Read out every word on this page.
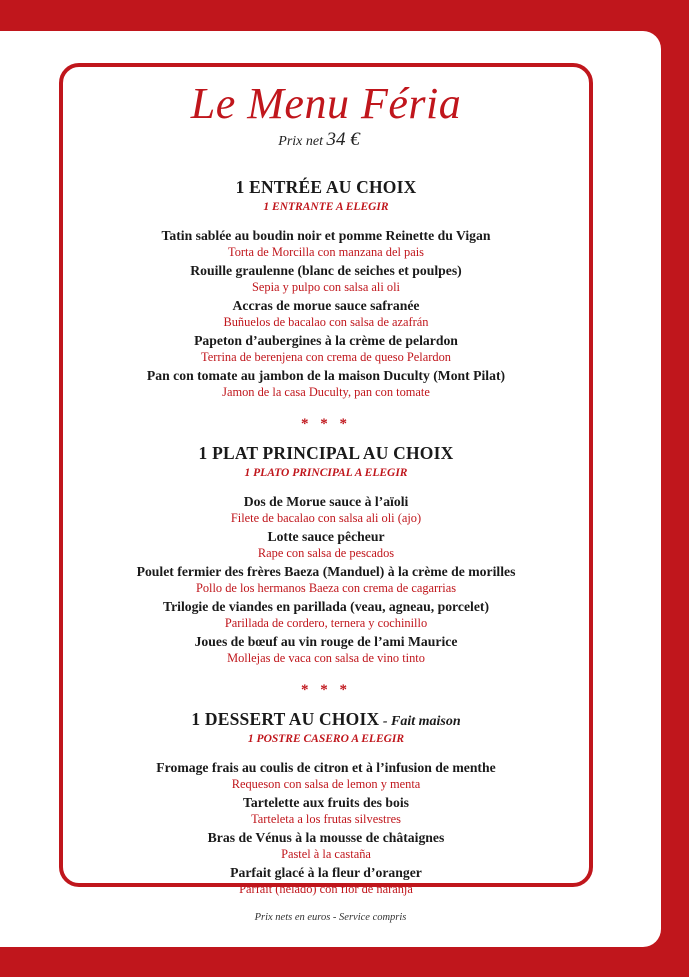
Le Menu Féria
Prix net 34 €
1 ENTRÉE AU CHOIX
1 ENTRANTE A ELEGIR
Tatin sablée au boudin noir et pomme Reinette du Vigan
Torta de Morcilla con manzana del pais
Rouille graulenne (blanc de seiches et poulpes)
Sepia y pulpo con salsa ali oli
Accras de morue sauce safranée
Buñuelos de bacalao con salsa de azafrán
Papeton d’aubergines à la crème de pelardon
Terrina de berenjena con crema de queso Pelardon
Pan con tomate au jambon de la maison Duculty (Mont Pilat)
Jamon de la casa Duculty, pan con tomate
* * *
1 PLAT PRINCIPAL AU CHOIX
1 PLATO PRINCIPAL A ELEGIR
Dos de Morue sauce à l’aïoli
Filete de bacalao con salsa ali oli (ajo)
Lotte sauce pêcheur
Rape con salsa de pescados
Poulet fermier des frères Baeza (Manduel) à la crème de morilles
Pollo de los hermanos Baeza con crema de cagarrias
Trilogie de viandes en parillada (veau, agneau, porcelet)
Parillada de cordero, ternera y cochinillo
Joues de bœuf au vin rouge de l’ami Maurice
Mollejas de vaca con salsa de vino tinto
* * *
1 DESSERT AU CHOIX - Fait maison
1 POSTRE CASERO A ELEGIR
Fromage frais au coulis de citron et à l’infusion de menthe
Requeson con salsa de lemon y menta
Tartelette aux fruits des bois
Tarteleta a los frutas silvestres
Bras de Vénus à la mousse de châtaignes
Pastel à la castaña
Parfait glacé à la fleur d’oranger
Parfait (hélado) con flor de naranja
Prix nets en euros - Service compris
